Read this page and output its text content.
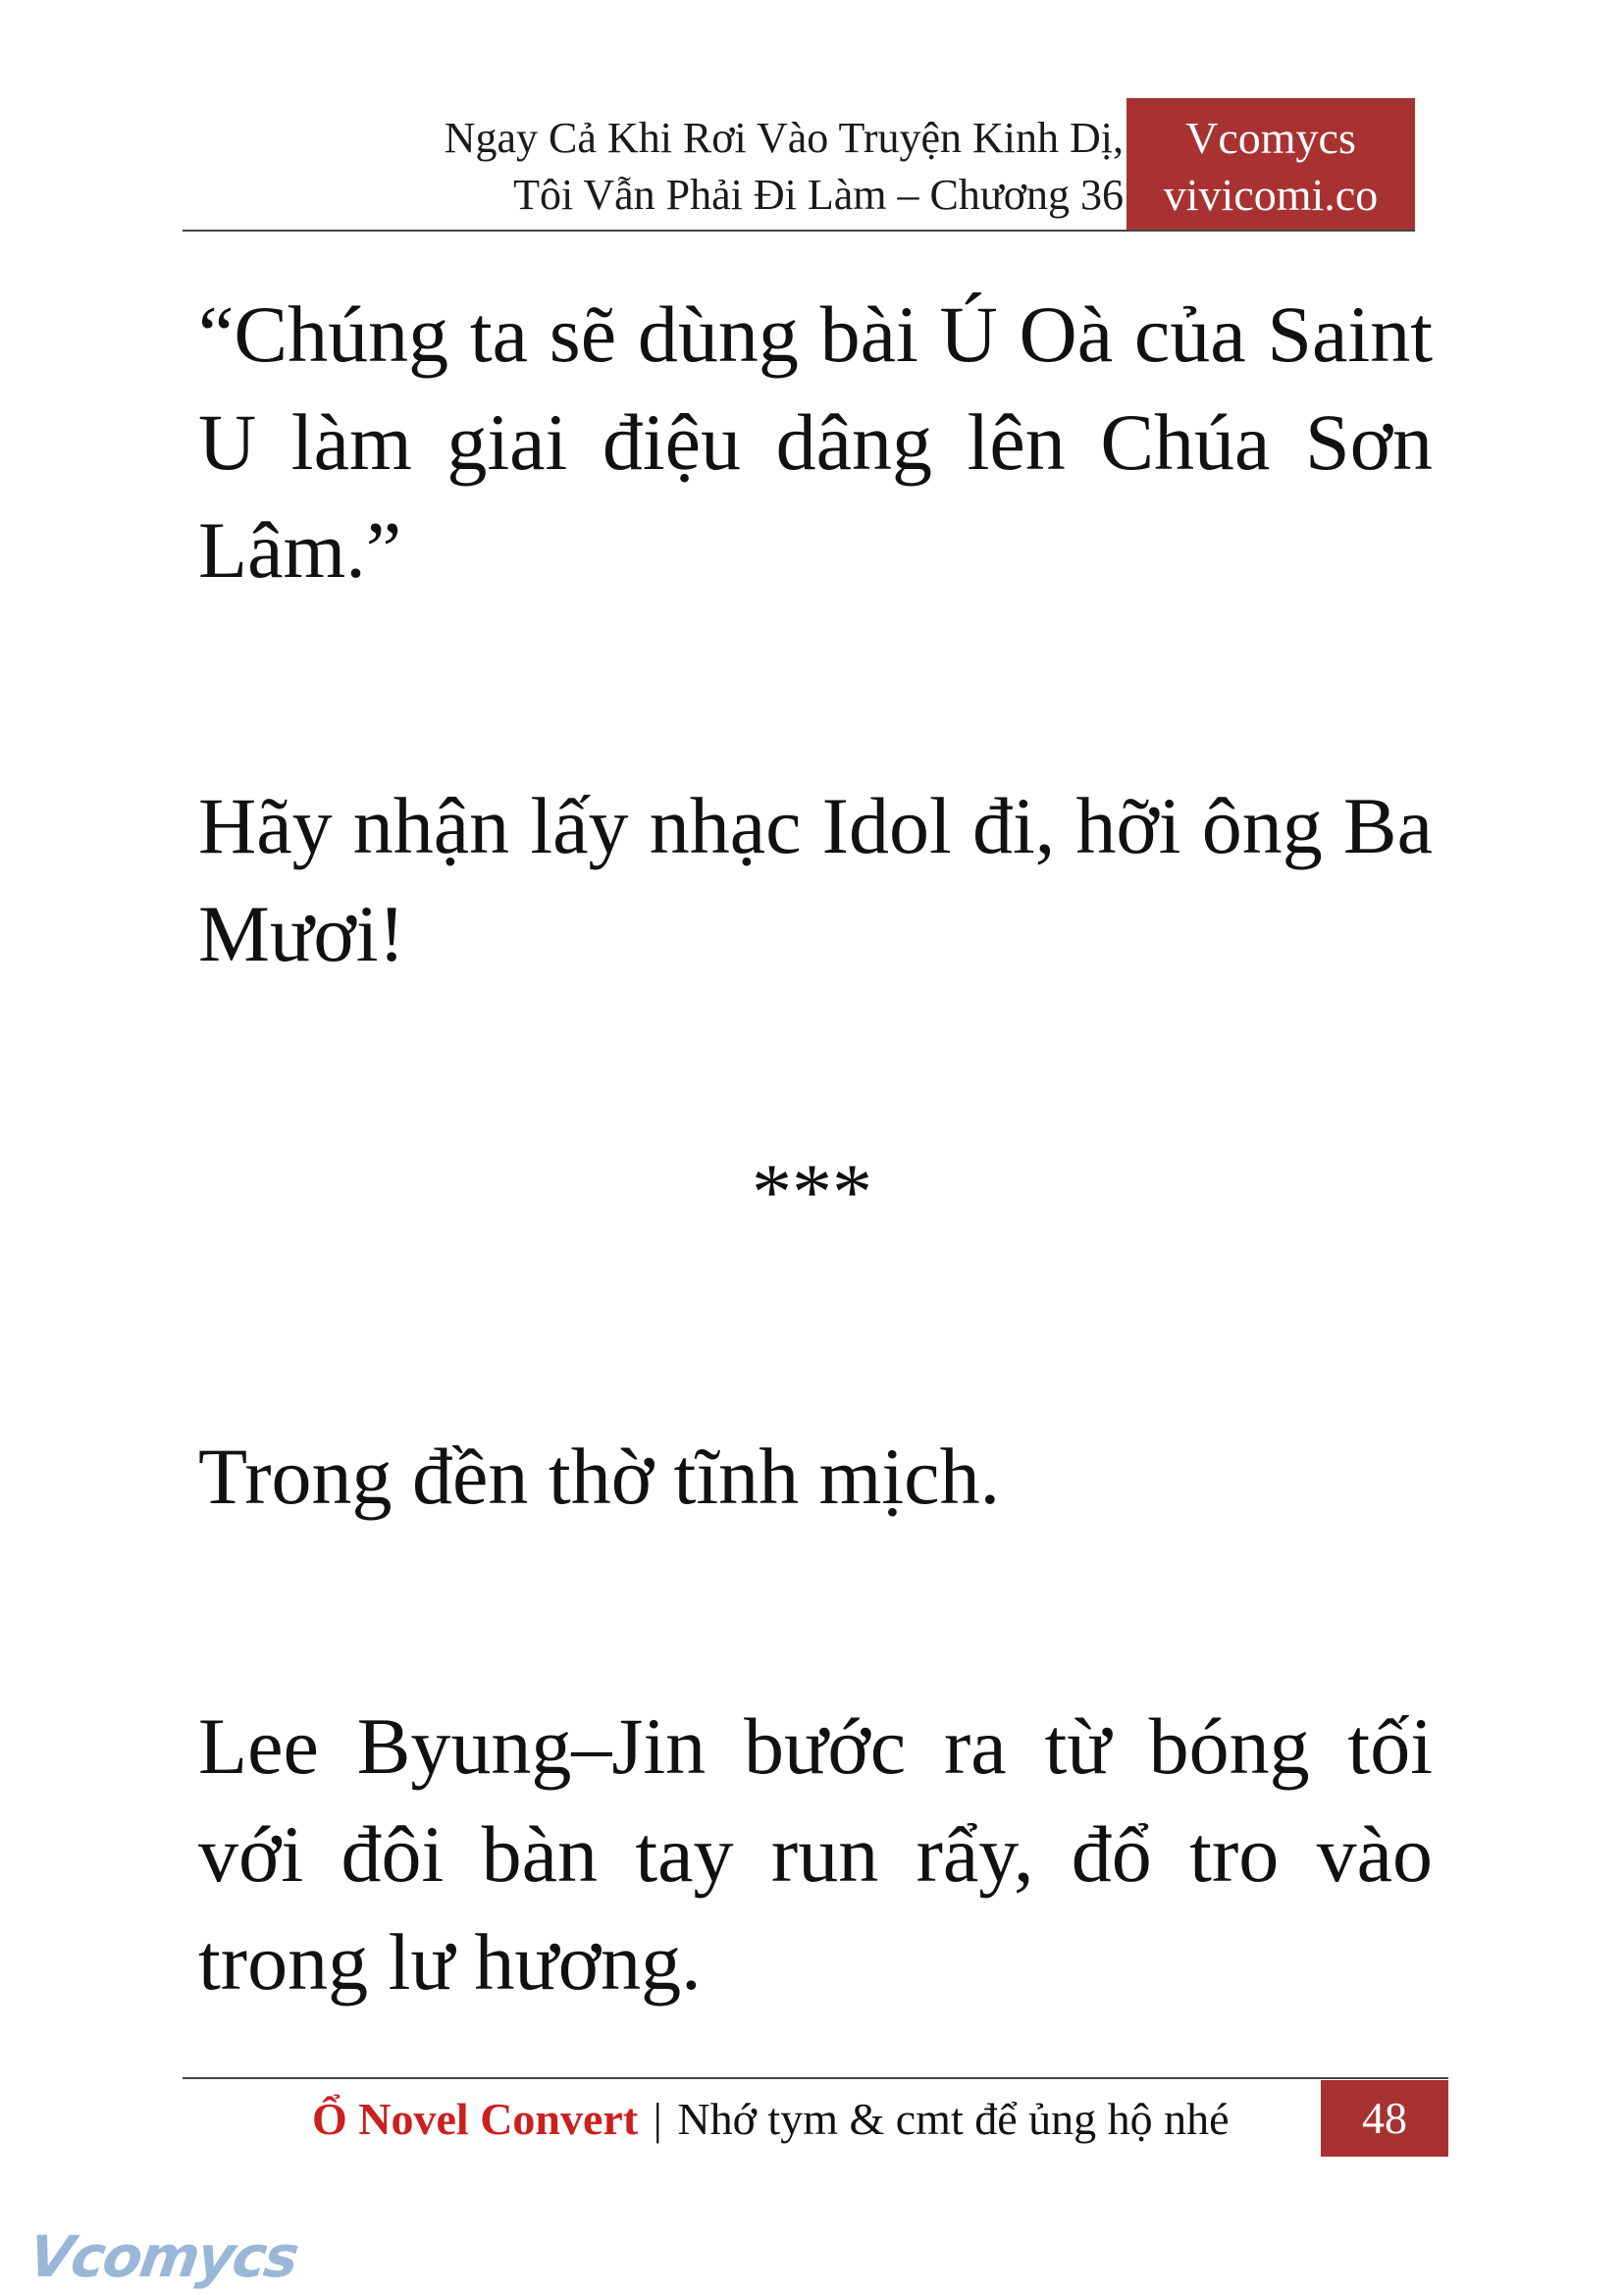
Ngay Cả Khi Rơi Vào Truyện Kinh Dị,
Tôi Vẫn Phải Đi Làm – Chương 36
Vcomycs
vivicomi.co

“Chúng ta sẽ dùng bài Ú Oà của Saint U làm giai điệu dâng lên Chúa Sơn Lâm.”

Hãy nhận lấy nhạc Idol đi, hỡi ông Ba Mươi!

***

Trong đền thờ tĩnh mịch.

Lee Byung–Jin bước ra từ bóng tối với đôi bàn tay run rẩy, đổ tro vào trong lư hương.

Ổ Novel Convert | Nhớ tym & cmt để ủng hộ nhé	48
Vcomycs
